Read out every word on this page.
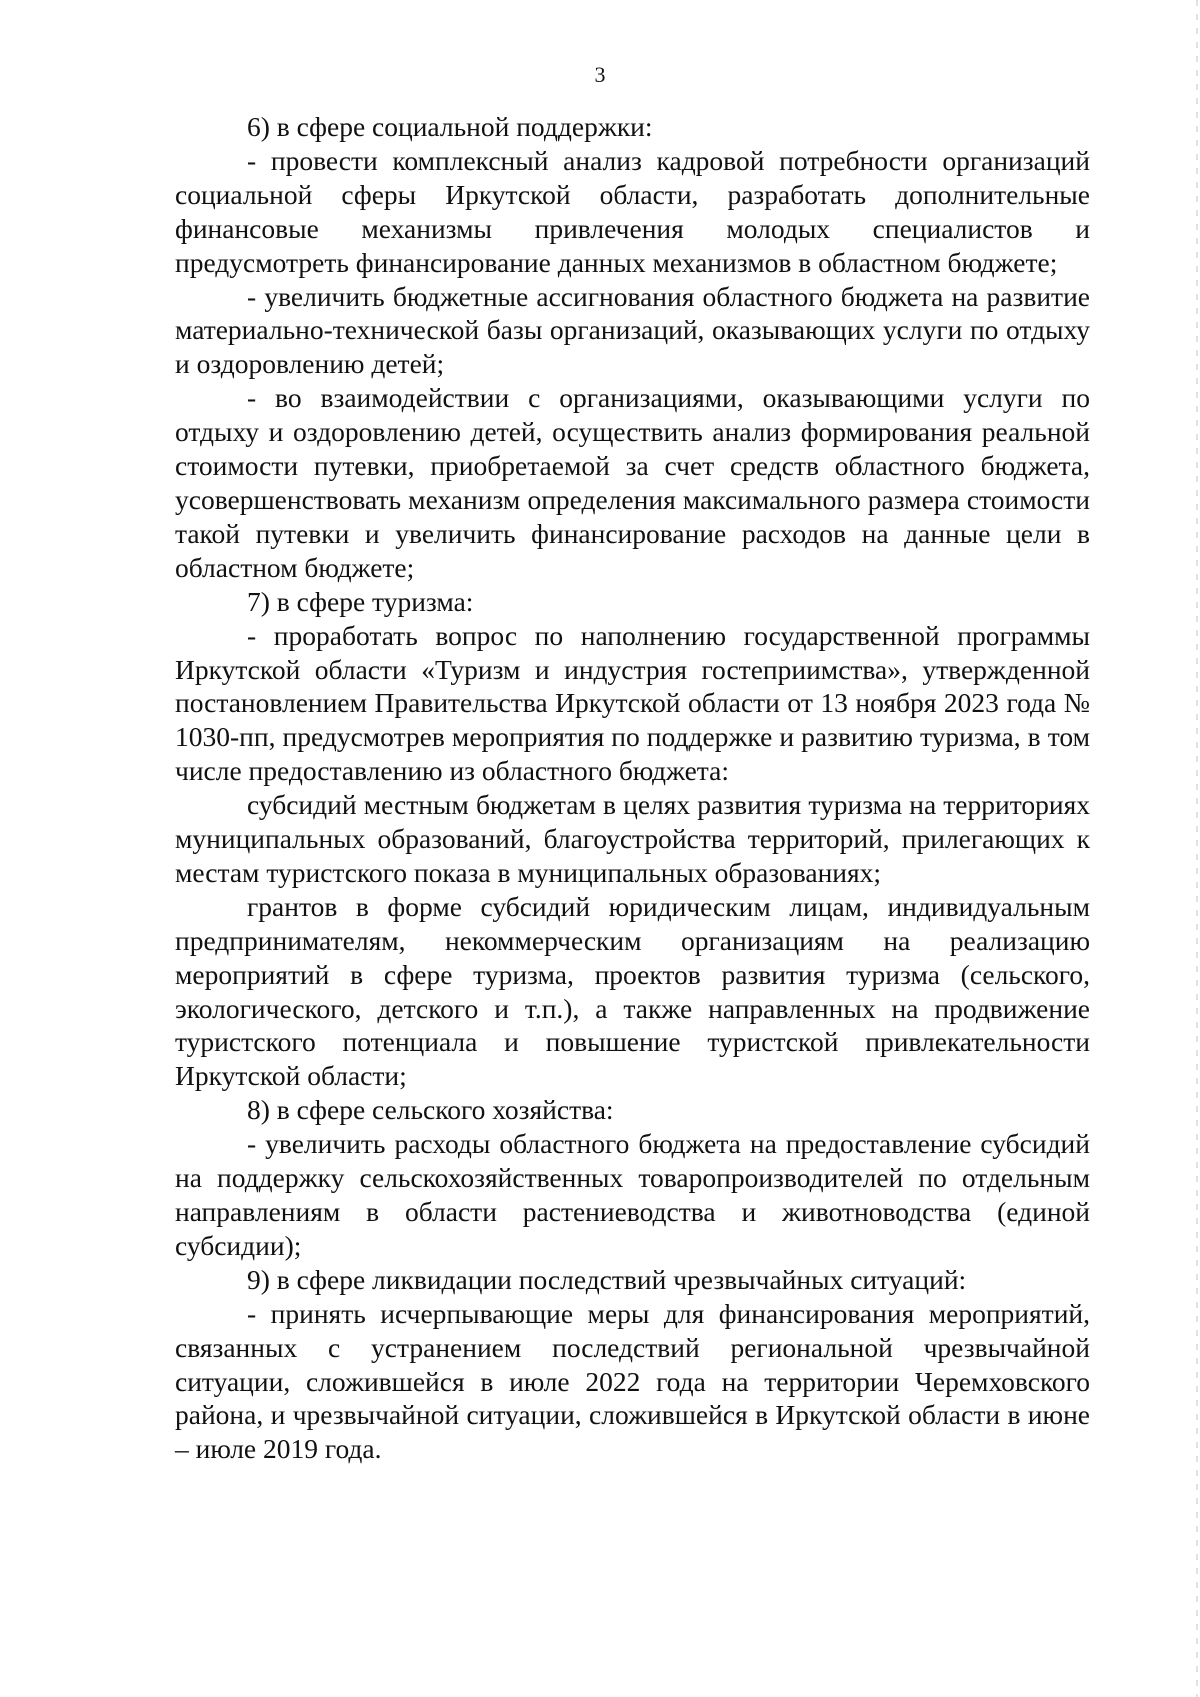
3

6) в сфере социальной поддержки:

- провести комплексный анализ кадровой потребности организаций социальной сферы Иркутской области, разработать дополнительные финансовые механизмы привлечения молодых специалистов и предусмотреть финансирование данных механизмов в областном бюджете;

- увеличить бюджетные ассигнования областного бюджета на развитие материально-технической базы организаций, оказывающих услуги по отдыху и оздоровлению детей;

- во взаимодействии с организациями, оказывающими услуги по отдыху и оздоровлению детей, осуществить анализ формирования реальной стоимости путевки, приобретаемой за счет средств областного бюджета, усовершенствовать механизм определения максимального размера стоимости такой путевки и увеличить финансирование расходов на данные цели в областном бюджете;

7) в сфере туризма:

- проработать вопрос по наполнению государственной программы Иркутской области «Туризм и индустрия гостеприимства», утвержденной постановлением Правительства Иркутской области от 13 ноября 2023 года № 1030-пп, предусмотрев мероприятия по поддержке и развитию туризма, в том числе предоставлению из областного бюджета:

субсидий местным бюджетам в целях развития туризма на территориях муниципальных образований, благоустройства территорий, прилегающих к местам туристского показа в муниципальных образованиях;

грантов в форме субсидий юридическим лицам, индивидуальным предпринимателям, некоммерческим организациям на реализацию мероприятий в сфере туризма, проектов развития туризма (сельского, экологического, детского и т.п.), а также направленных на продвижение туристского потенциала и повышение туристской привлекательности Иркутской области;

8) в сфере сельского хозяйства:

- увеличить расходы областного бюджета на предоставление субсидий на поддержку сельскохозяйственных товаропроизводителей по отдельным направлениям в области растениеводства и животноводства (единой субсидии);

9) в сфере ликвидации последствий чрезвычайных ситуаций:

- принять исчерпывающие меры для финансирования мероприятий, связанных с устранением последствий региональной чрезвычайной ситуации, сложившейся в июле 2022 года на территории Черемховского района, и чрезвычайной ситуации, сложившейся в Иркутской области в июне – июле 2019 года.
